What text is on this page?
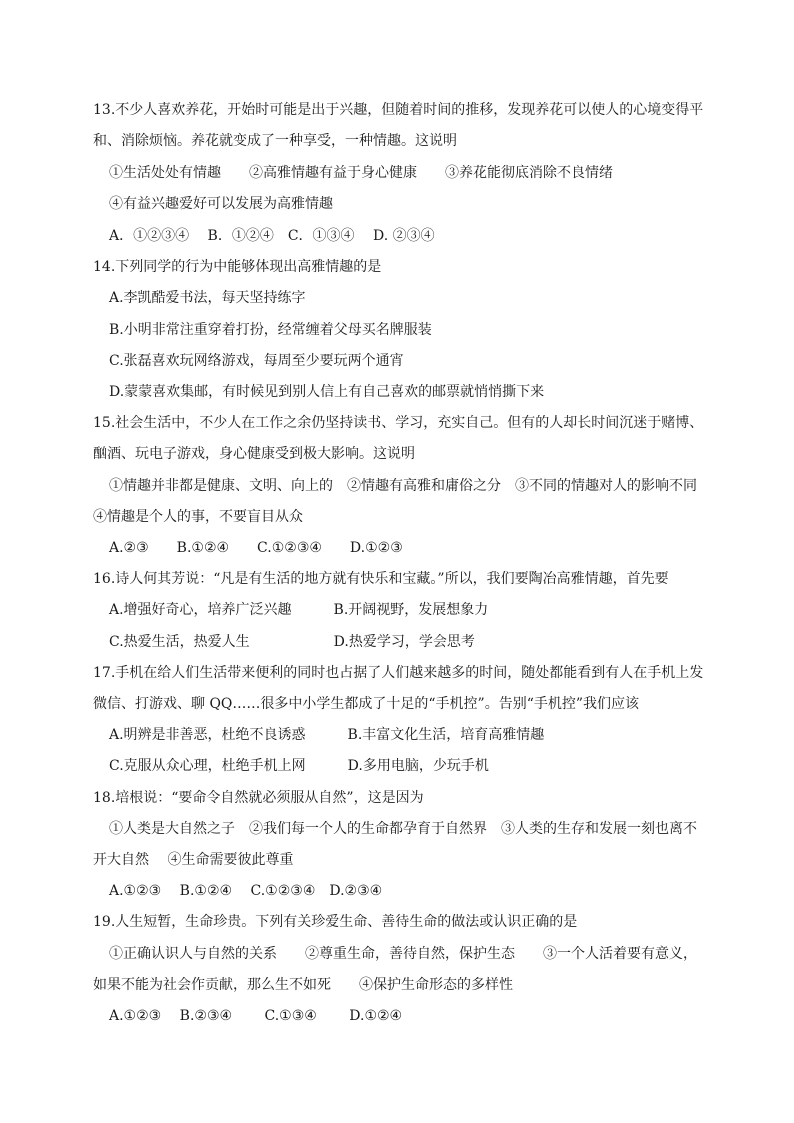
13.不少人喜欢养花，开始时可能是出于兴趣，但随着时间的推移，发现养花可以使人的心境变得平
和、消除烦恼。养花就变成了一种享受，一种情趣。这说明
①生活处处有情趣　　②高雅情趣有益于身心健康　　③养花能彻底消除不良情绪
④有益兴趣爱好可以发展为高雅情趣
A．①②③④　 B．①②④　C．①③④　 D. ②③④
14.下列同学的行为中能够体现出高雅情趣的是
A.李凯酷爱书法，每天坚持练字
B.小明非常注重穿着打扮，经常缠着父母买名牌服装
C.张磊喜欢玩网络游戏，每周至少要玩两个通宵
D.蒙蒙喜欢集邮，有时候见到别人信上有自己喜欢的邮票就悄悄撕下来
15.社会生活中，不少人在工作之余仍坚持读书、学习，充实自己。但有的人却长时间沉迷于赌博、
酗酒、玩电子游戏，身心健康受到极大影响。这说明
①情趣并非都是健康、文明、向上的　②情趣有高雅和庸俗之分　③不同的情趣对人的影响不同
④情趣是个人的事，不要盲目从众
A.②③　　B.①②④　　C.①②③④　　D.①②③
16.诗人何其芳说：“凡是有生活的地方就有快乐和宝藏。”所以，我们要陶冶高雅情趣，首先要
A.增强好奇心，培养广泛兴趣　　　B.开阔视野，发展想象力
C.热爱生活，热爱人生　　　　　　D.热爱学习，学会思考
17.手机在给人们生活带来便利的同时也占据了人们越来越多的时间，随处都能看到有人在手机上发
微信、打游戏、聊 QQ……很多中小学生都成了十足的“手机控”。告别“手机控”我们应该
A.明辨是非善恶，杜绝不良诱惑　　　B.丰富文化生活，培育高雅情趣
C.克服从众心理，杜绝手机上网　　　D.多用电脑，少玩手机
18.培根说：“要命令自然就必须服从自然”，这是因为
①人类是大自然之子　②我们每一个人的生命都孕育于自然界　③人类的生存和发展一刻也离不
开大自然　 ④生命需要彼此尊重
A.①②③　 B.①②④　 C.①②③④　D.②③④
19.人生短暂，生命珍贵。下列有关珍爱生命、善待生命的做法或认识正确的是
①正确认识人与自然的关系　　②尊重生命，善待自然，保护生态　　③一个人活着要有意义，
如果不能为社会作贡献，那么生不如死　　④保护生命形态的多样性
A.①②③　 B.②③④　　 C.①③④　　 D.①②④
